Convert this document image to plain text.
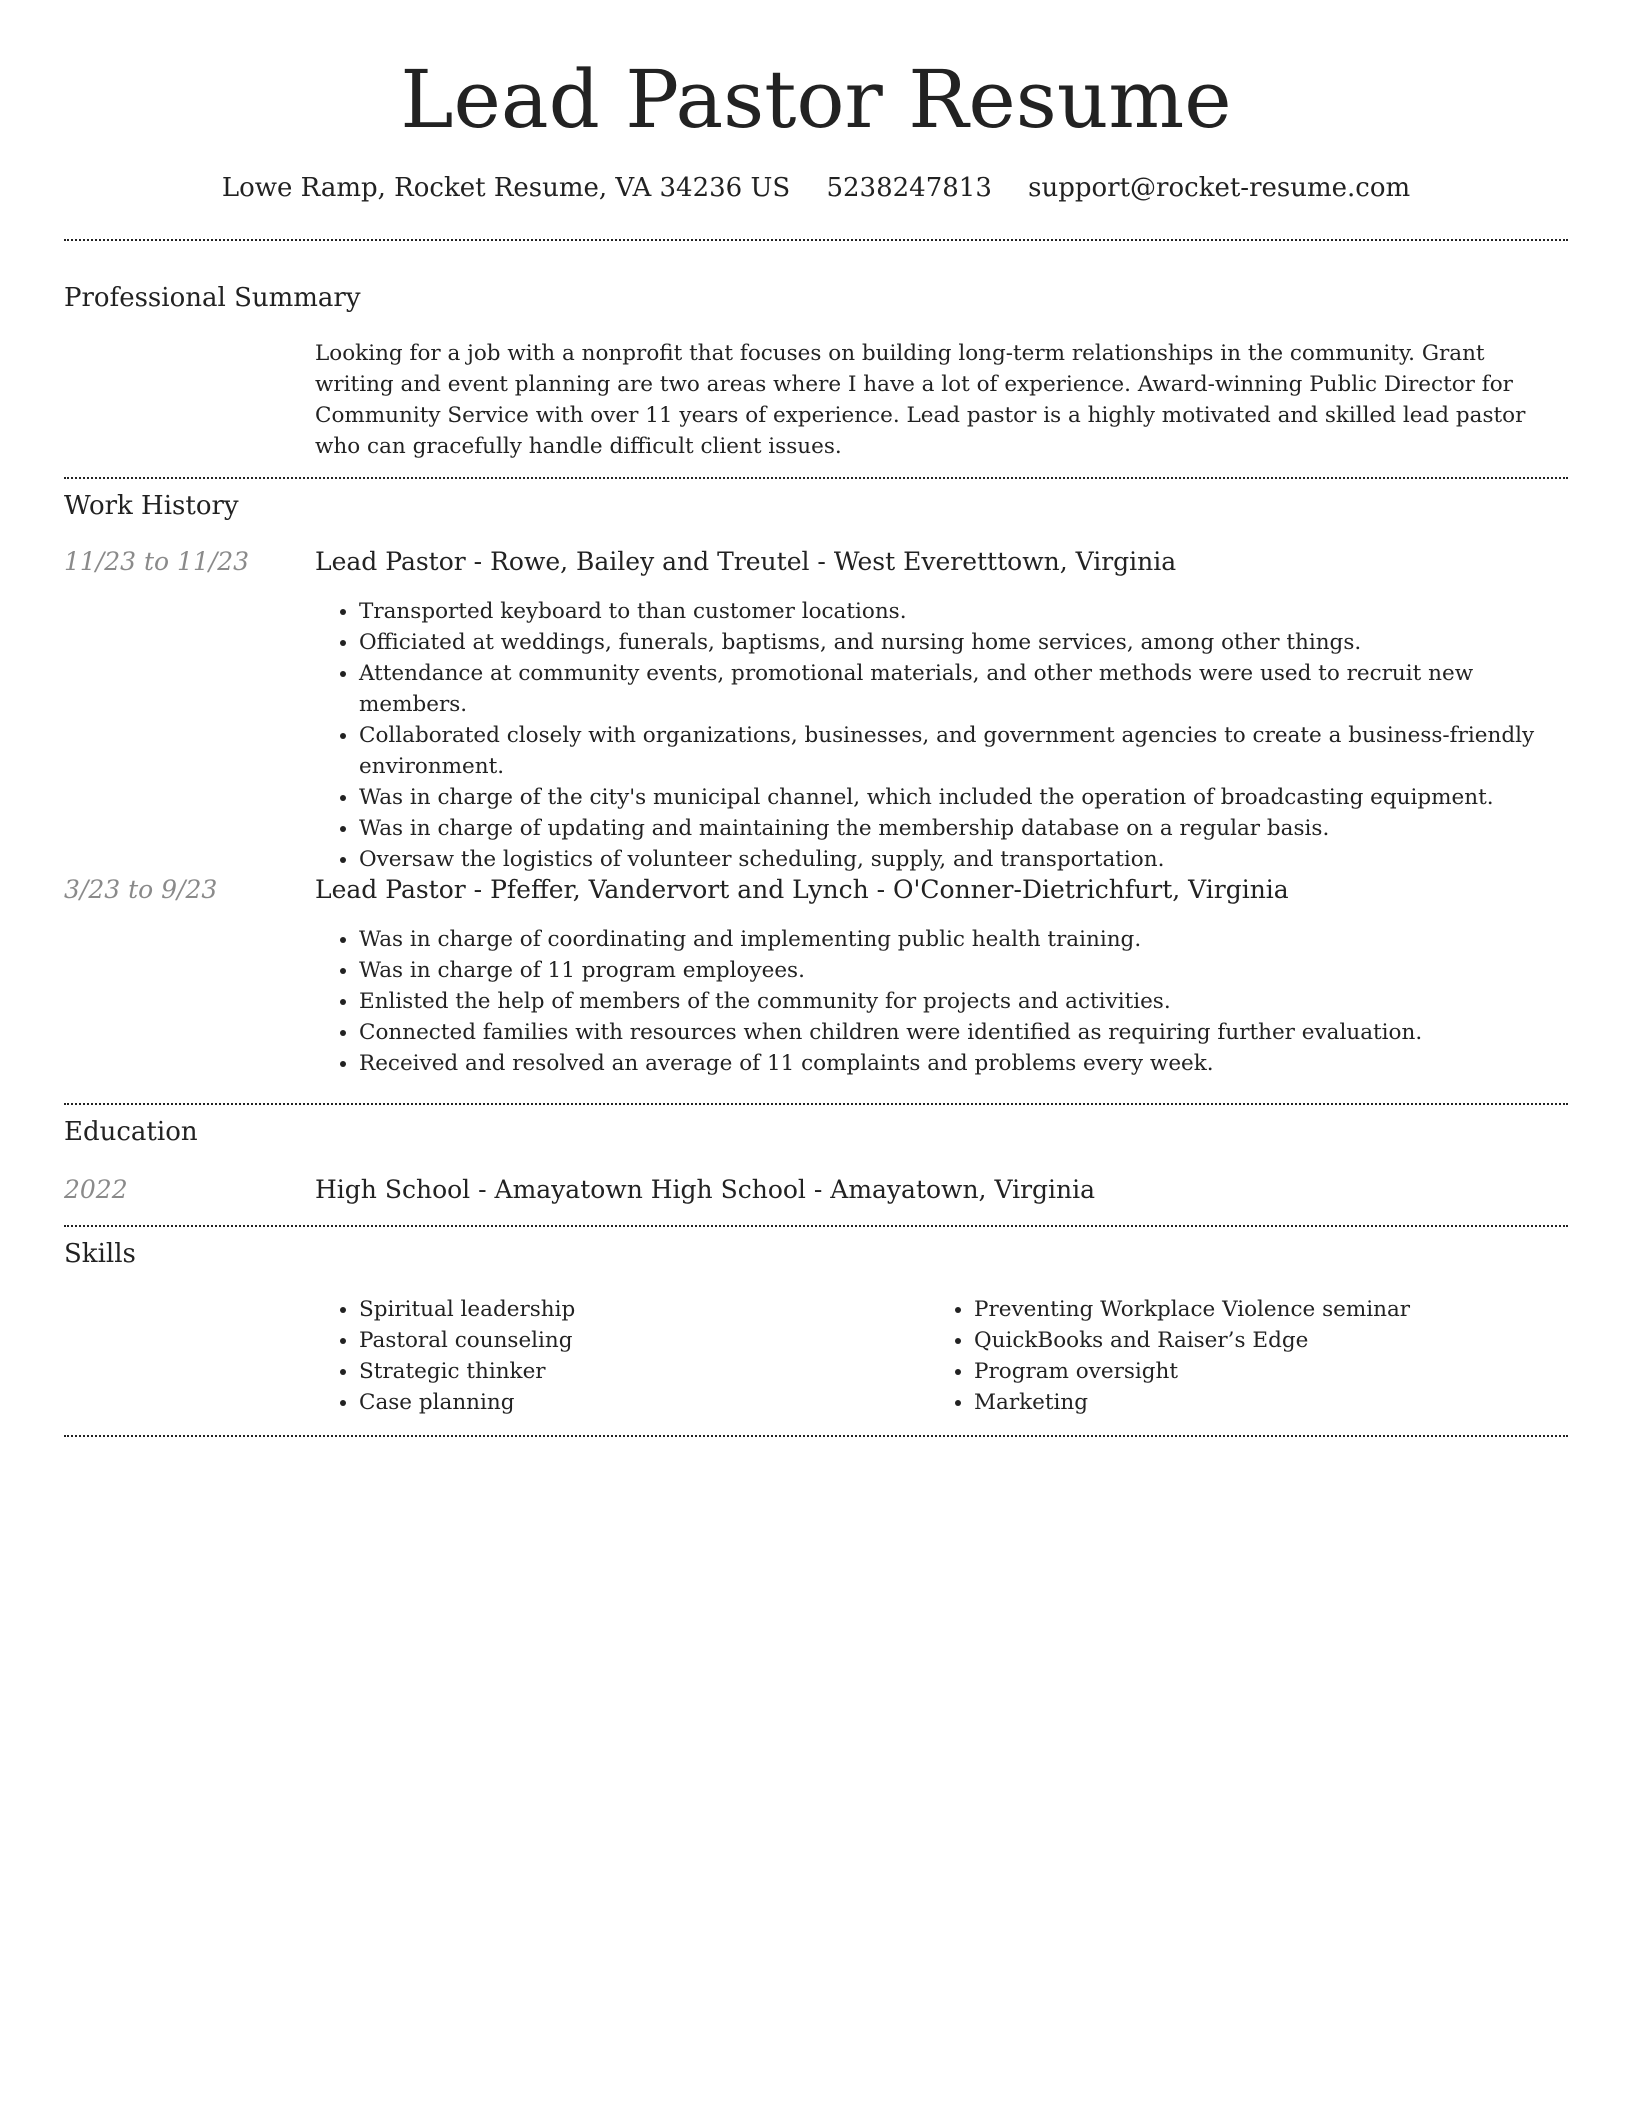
Lead Pastor Resume
Lowe Ramp, Rocket Resume, VA 34236 US 5238247813 support@rocket-resume.com
Professional Summary
Looking for a job with a nonprofit that focuses on building long-term relationships in the community. Grant writing and event planning are two areas where I have a lot of experience. Award-winning Public Director for Community Service with over 11 years of experience. Lead pastor is a highly motivated and skilled lead pastor who can gracefully handle difficult client issues.
Work History
11/23 to 11/23	Lead Pastor - Rowe, Bailey and Treutel - West Everetttown, Virginia
• Transported keyboard to than customer locations.
• Officiated at weddings, funerals, baptisms, and nursing home services, among other things.
• Attendance at community events, promotional materials, and other methods were used to recruit new members.
• Collaborated closely with organizations, businesses, and government agencies to create a business-friendly environment.
• Was in charge of the city's municipal channel, which included the operation of broadcasting equipment.
• Was in charge of updating and maintaining the membership database on a regular basis.
• Oversaw the logistics of volunteer scheduling, supply, and transportation.
3/23 to 9/23	Lead Pastor - Pfeffer, Vandervort and Lynch - O'Conner-Dietrichfurt, Virginia
• Was in charge of coordinating and implementing public health training.
• Was in charge of 11 program employees.
• Enlisted the help of members of the community for projects and activities.
• Connected families with resources when children were identified as requiring further evaluation.
• Received and resolved an average of 11 complaints and problems every week.
Education
2022	High School - Amayatown High School - Amayatown, Virginia
Skills
• Spiritual leadership
• Pastoral counseling
• Strategic thinker
• Case planning
• Preventing Workplace Violence seminar
• QuickBooks and Raiser’s Edge
• Program oversight
• Marketing
